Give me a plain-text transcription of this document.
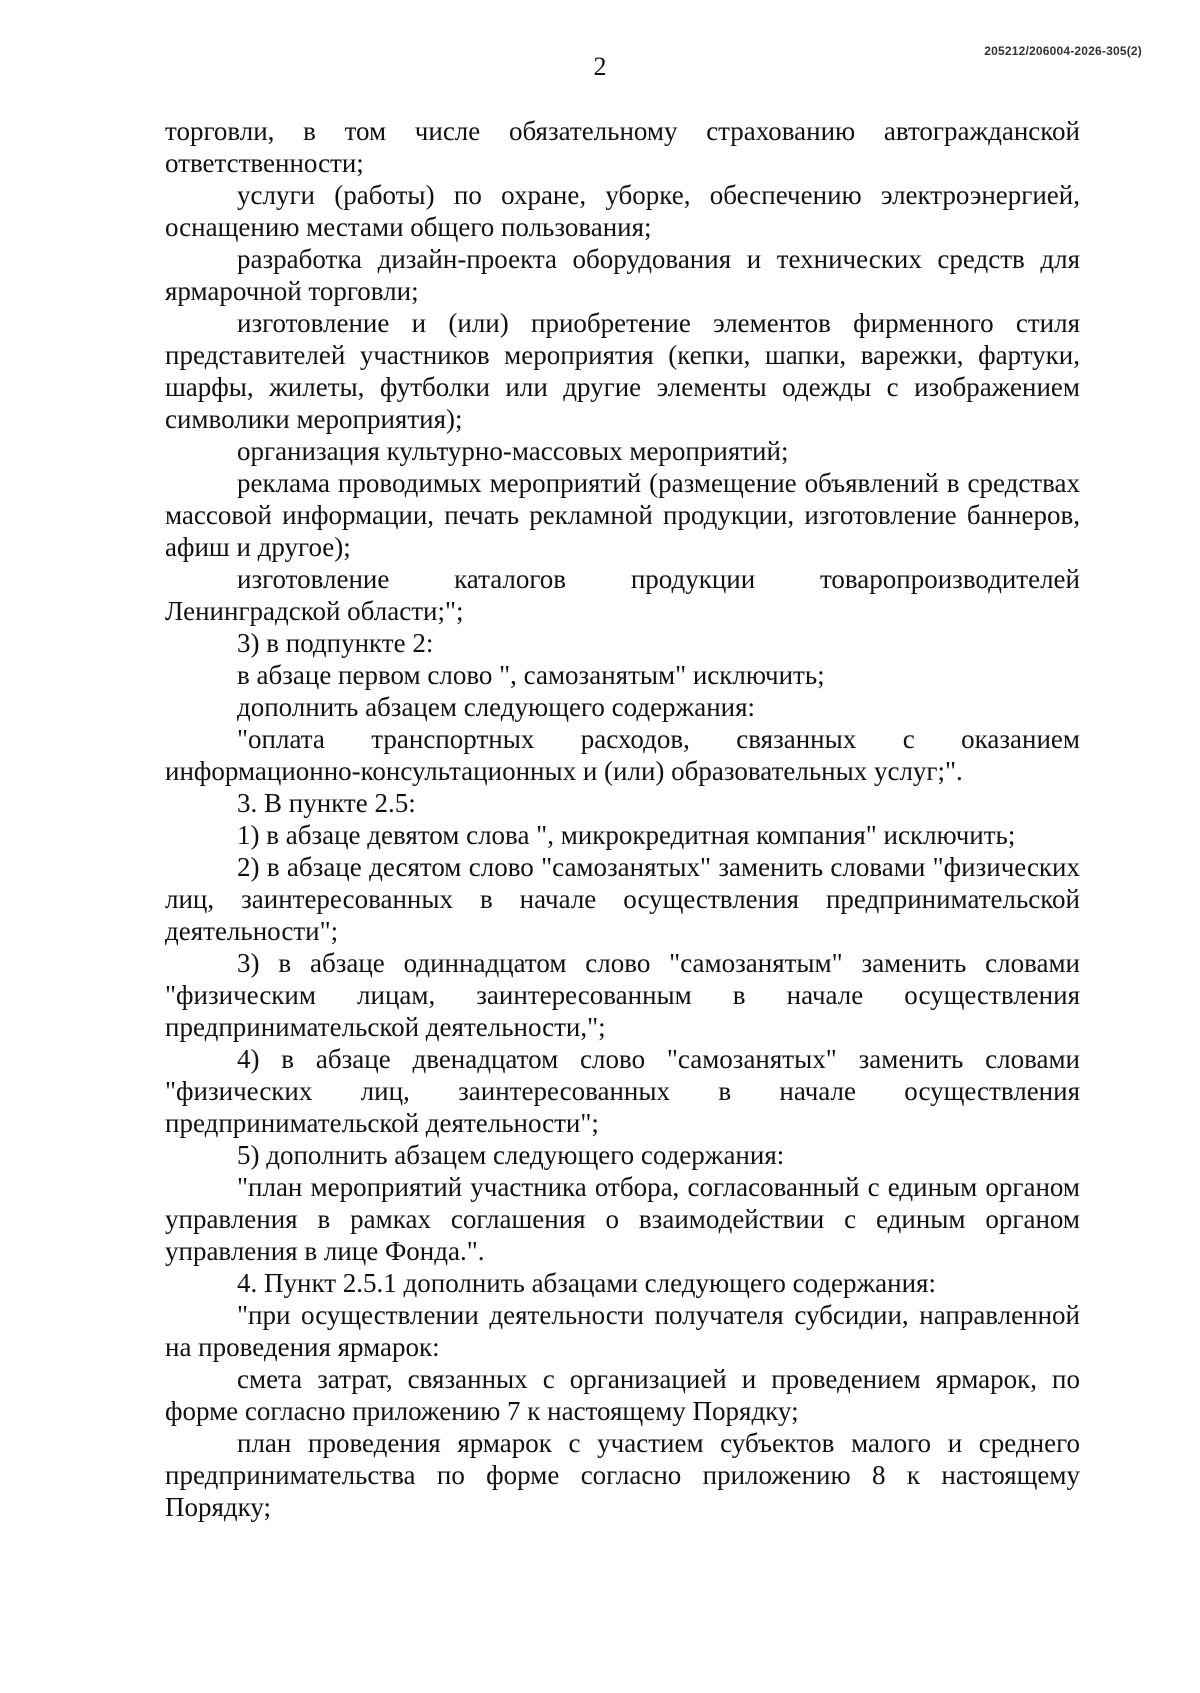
205212/206004-2026-305(2)
2

торговли, в том числе обязательному страхованию автогражданской ответственности;

услуги (работы) по охране, уборке, обеспечению электроэнергией, оснащению местами общего пользования;

разработка дизайн-проекта оборудования и технических средств для ярмарочной торговли;

изготовление и (или) приобретение элементов фирменного стиля представителей участников мероприятия (кепки, шапки, варежки, фартуки, шарфы, жилеты, футболки или другие элементы одежды с изображением символики мероприятия);

организация культурно-массовых мероприятий;

реклама проводимых мероприятий (размещение объявлений в средствах массовой информации, печать рекламной продукции, изготовление баннеров, афиш и другое);

изготовление каталогов продукции товаропроизводителей Ленинградской области;";

3) в подпункте 2:

в абзаце первом слово ", самозанятым" исключить;

дополнить абзацем следующего содержания:

"оплата транспортных расходов, связанных с оказанием информационно-консультационных и (или) образовательных услуг;".

3. В пункте 2.5:

1) в абзаце девятом слова ", микрокредитная компания" исключить;

2) в абзаце десятом слово "самозанятых" заменить словами "физических лиц, заинтересованных в начале осуществления предпринимательской деятельности";

3) в абзаце одиннадцатом слово "самозанятым" заменить словами "физическим лицам, заинтересованным в начале осуществления предпринимательской деятельности,";

4) в абзаце двенадцатом слово "самозанятых" заменить словами "физических лиц, заинтересованных в начале осуществления предпринимательской деятельности";

5) дополнить абзацем следующего содержания:

"план мероприятий участника отбора, согласованный с единым органом управления в рамках соглашения о взаимодействии с единым органом управления в лице Фонда.".

4. Пункт 2.5.1 дополнить абзацами следующего содержания:

"при осуществлении деятельности получателя субсидии, направленной на проведения ярмарок:

смета затрат, связанных с организацией и проведением ярмарок, по форме согласно приложению 7 к настоящему Порядку;

план проведения ярмарок с участием субъектов малого и среднего предпринимательства по форме согласно приложению 8 к настоящему Порядку;
